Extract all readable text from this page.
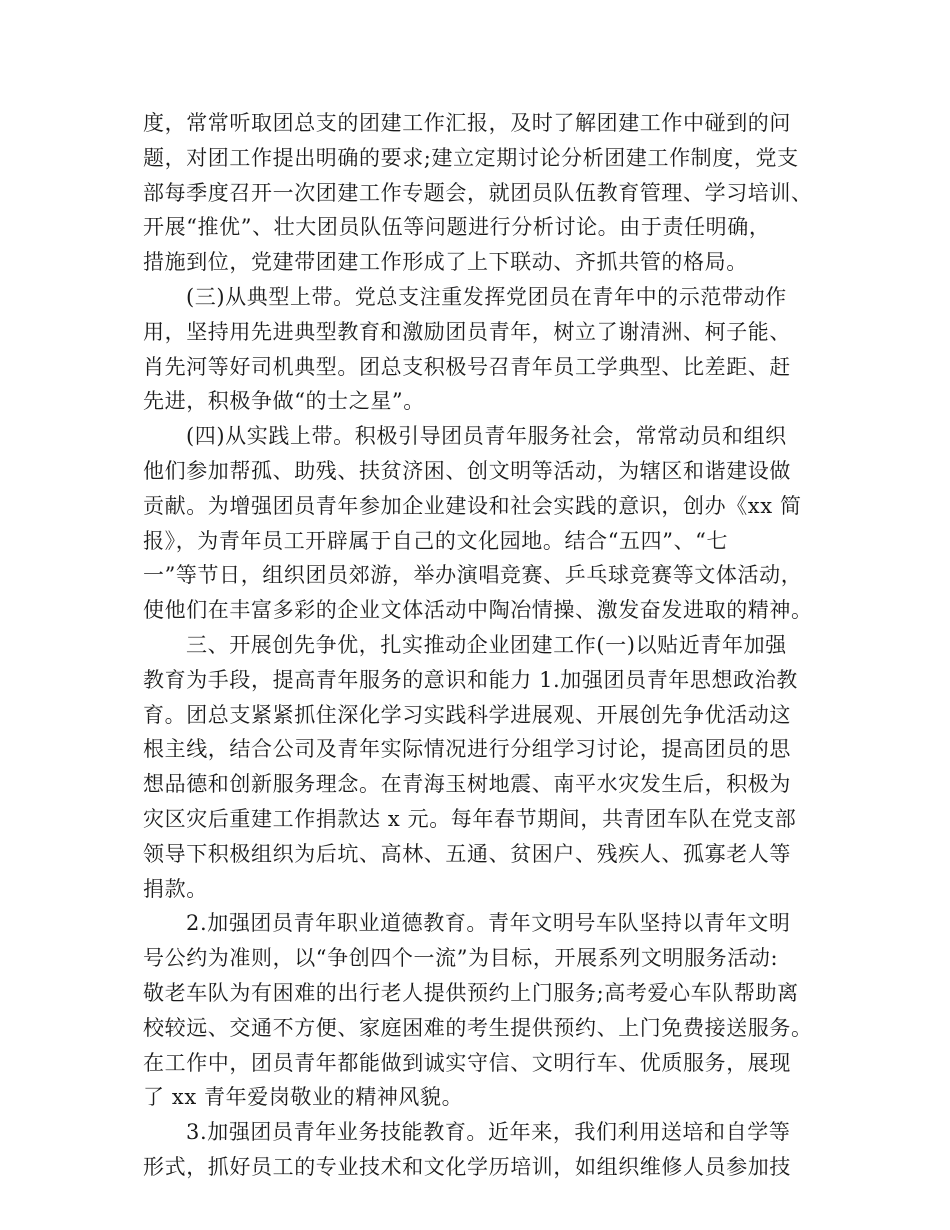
度，常常听取团总支的团建工作汇报，及时了解团建工作中碰到的问
题，对团工作提出明确的要求;建立定期讨论分析团建工作制度，党支
部每季度召开一次团建工作专题会，就团员队伍教育管理、学习培训、
开展“推优”、壮大团员队伍等问题进行分析讨论。由于责任明确，
措施到位，党建带团建工作形成了上下联动、齐抓共管的格局。
(三)从典型上带。党总支注重发挥党团员在青年中的示范带动作
用，坚持用先进典型教育和激励团员青年，树立了谢清洲、柯子能、
肖先河等好司机典型。团总支积极号召青年员工学典型、比差距、赶
先进，积极争做“的士之星”。
(四)从实践上带。积极引导团员青年服务社会，常常动员和组织
他们参加帮孤、助残、扶贫济困、创文明等活动，为辖区和谐建设做
贡献。为增强团员青年参加企业建设和社会实践的意识，创办《xx 简
报》，为青年员工开辟属于自己的文化园地。结合“五四”、“七
一”等节日，组织团员郊游，举办演唱竞赛、乒乓球竞赛等文体活动，
使他们在丰富多彩的企业文体活动中陶冶情操、激发奋发进取的精神。
三、开展创先争优，扎实推动企业团建工作(一)以贴近青年加强
教育为手段，提高青年服务的意识和能力 1.加强团员青年思想政治教
育。团总支紧紧抓住深化学习实践科学进展观、开展创先争优活动这
根主线，结合公司及青年实际情况进行分组学习讨论，提高团员的思
想品德和创新服务理念。在青海玉树地震、南平水灾发生后，积极为
灾区灾后重建工作捐款达 x 元。每年春节期间，共青团车队在党支部
领导下积极组织为后坑、高林、五通、贫困户、残疾人、孤寡老人等
捐款。
2.加强团员青年职业道德教育。青年文明号车队坚持以青年文明
号公约为准则，以“争创四个一流”为目标，开展系列文明服务活动:
敬老车队为有困难的出行老人提供预约上门服务;高考爱心车队帮助离
校较远、交通不方便、家庭困难的考生提供预约、上门免费接送服务。
在工作中，团员青年都能做到诚实守信、文明行车、优质服务，展现
了 xx 青年爱岗敬业的精神风貌。
3.加强团员青年业务技能教育。近年来，我们利用送培和自学等
形式，抓好员工的专业技术和文化学历培训，如组织维修人员参加技
